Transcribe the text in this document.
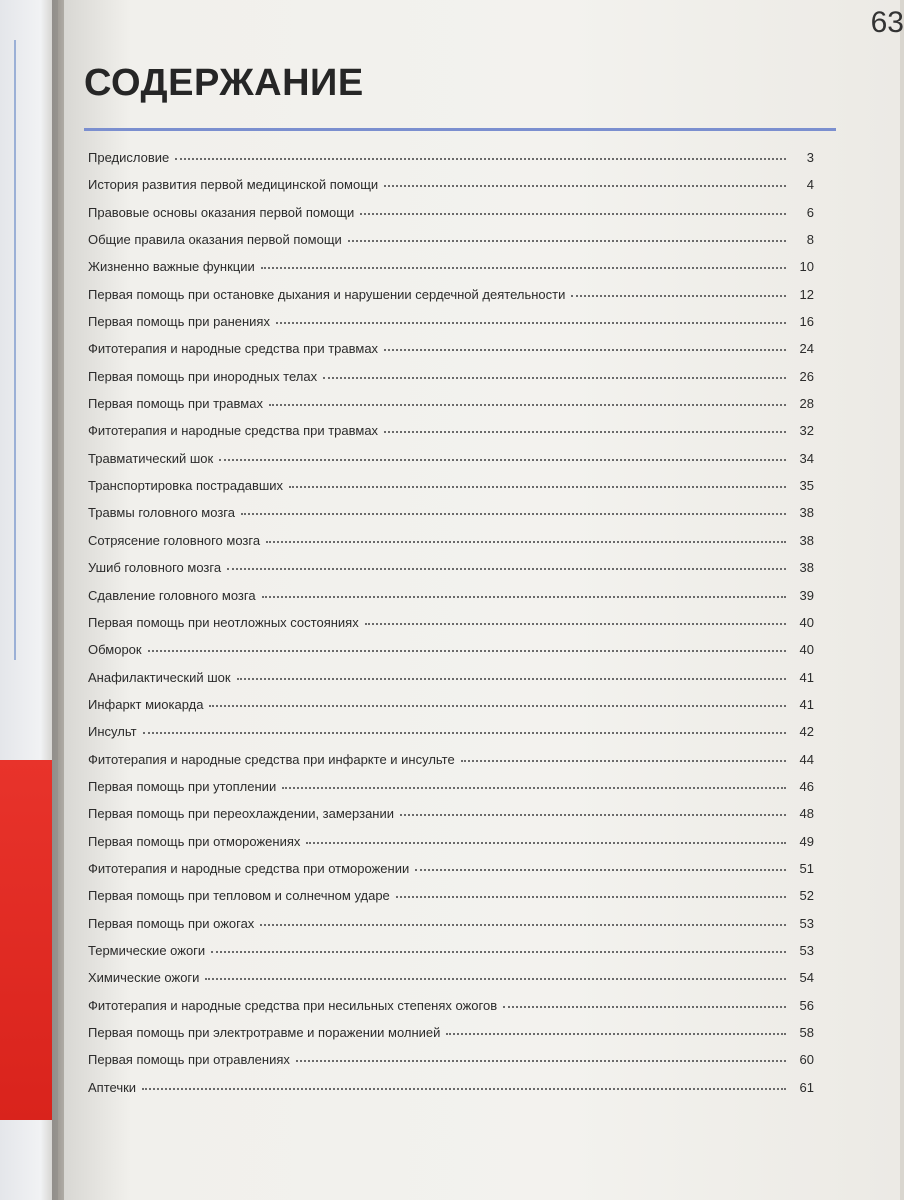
63
СОДЕРЖАНИЕ
Предисловие	3
История развития первой медицинской помощи	4
Правовые основы оказания первой помощи	6
Общие правила оказания первой помощи	8
Жизненно важные функции	10
Первая помощь при остановке дыхания и нарушении сердечной деятельности	12
Первая помощь при ранениях	16
Фитотерапия и народные средства при травмах	24
Первая помощь при инородных телах	26
Первая помощь при травмах	28
Фитотерапия и народные средства при травмах	32
Травматический шок	34
Транспортировка пострадавших	35
Травмы головного мозга	38
Сотрясение головного мозга	38
Ушиб головного мозга	38
Сдавление головного мозга	39
Первая помощь при неотложных состояниях	40
Обморок	40
Анафилактический шок	41
Инфаркт миокарда	41
Инсульт	42
Фитотерапия и народные средства при инфаркте и инсульте	44
Первая помощь при утоплении	46
Первая помощь при переохлаждении, замерзании	48
Первая помощь при отморожениях	49
Фитотерапия и народные средства при отморожении	51
Первая помощь при тепловом и солнечном ударе	52
Первая помощь при ожогах	53
Термические ожоги	53
Химические ожоги	54
Фитотерапия и народные средства при несильных степенях ожогов	56
Первая помощь при электротравме и поражении молнией	58
Первая помощь при отравлениях	60
Аптечки	61
